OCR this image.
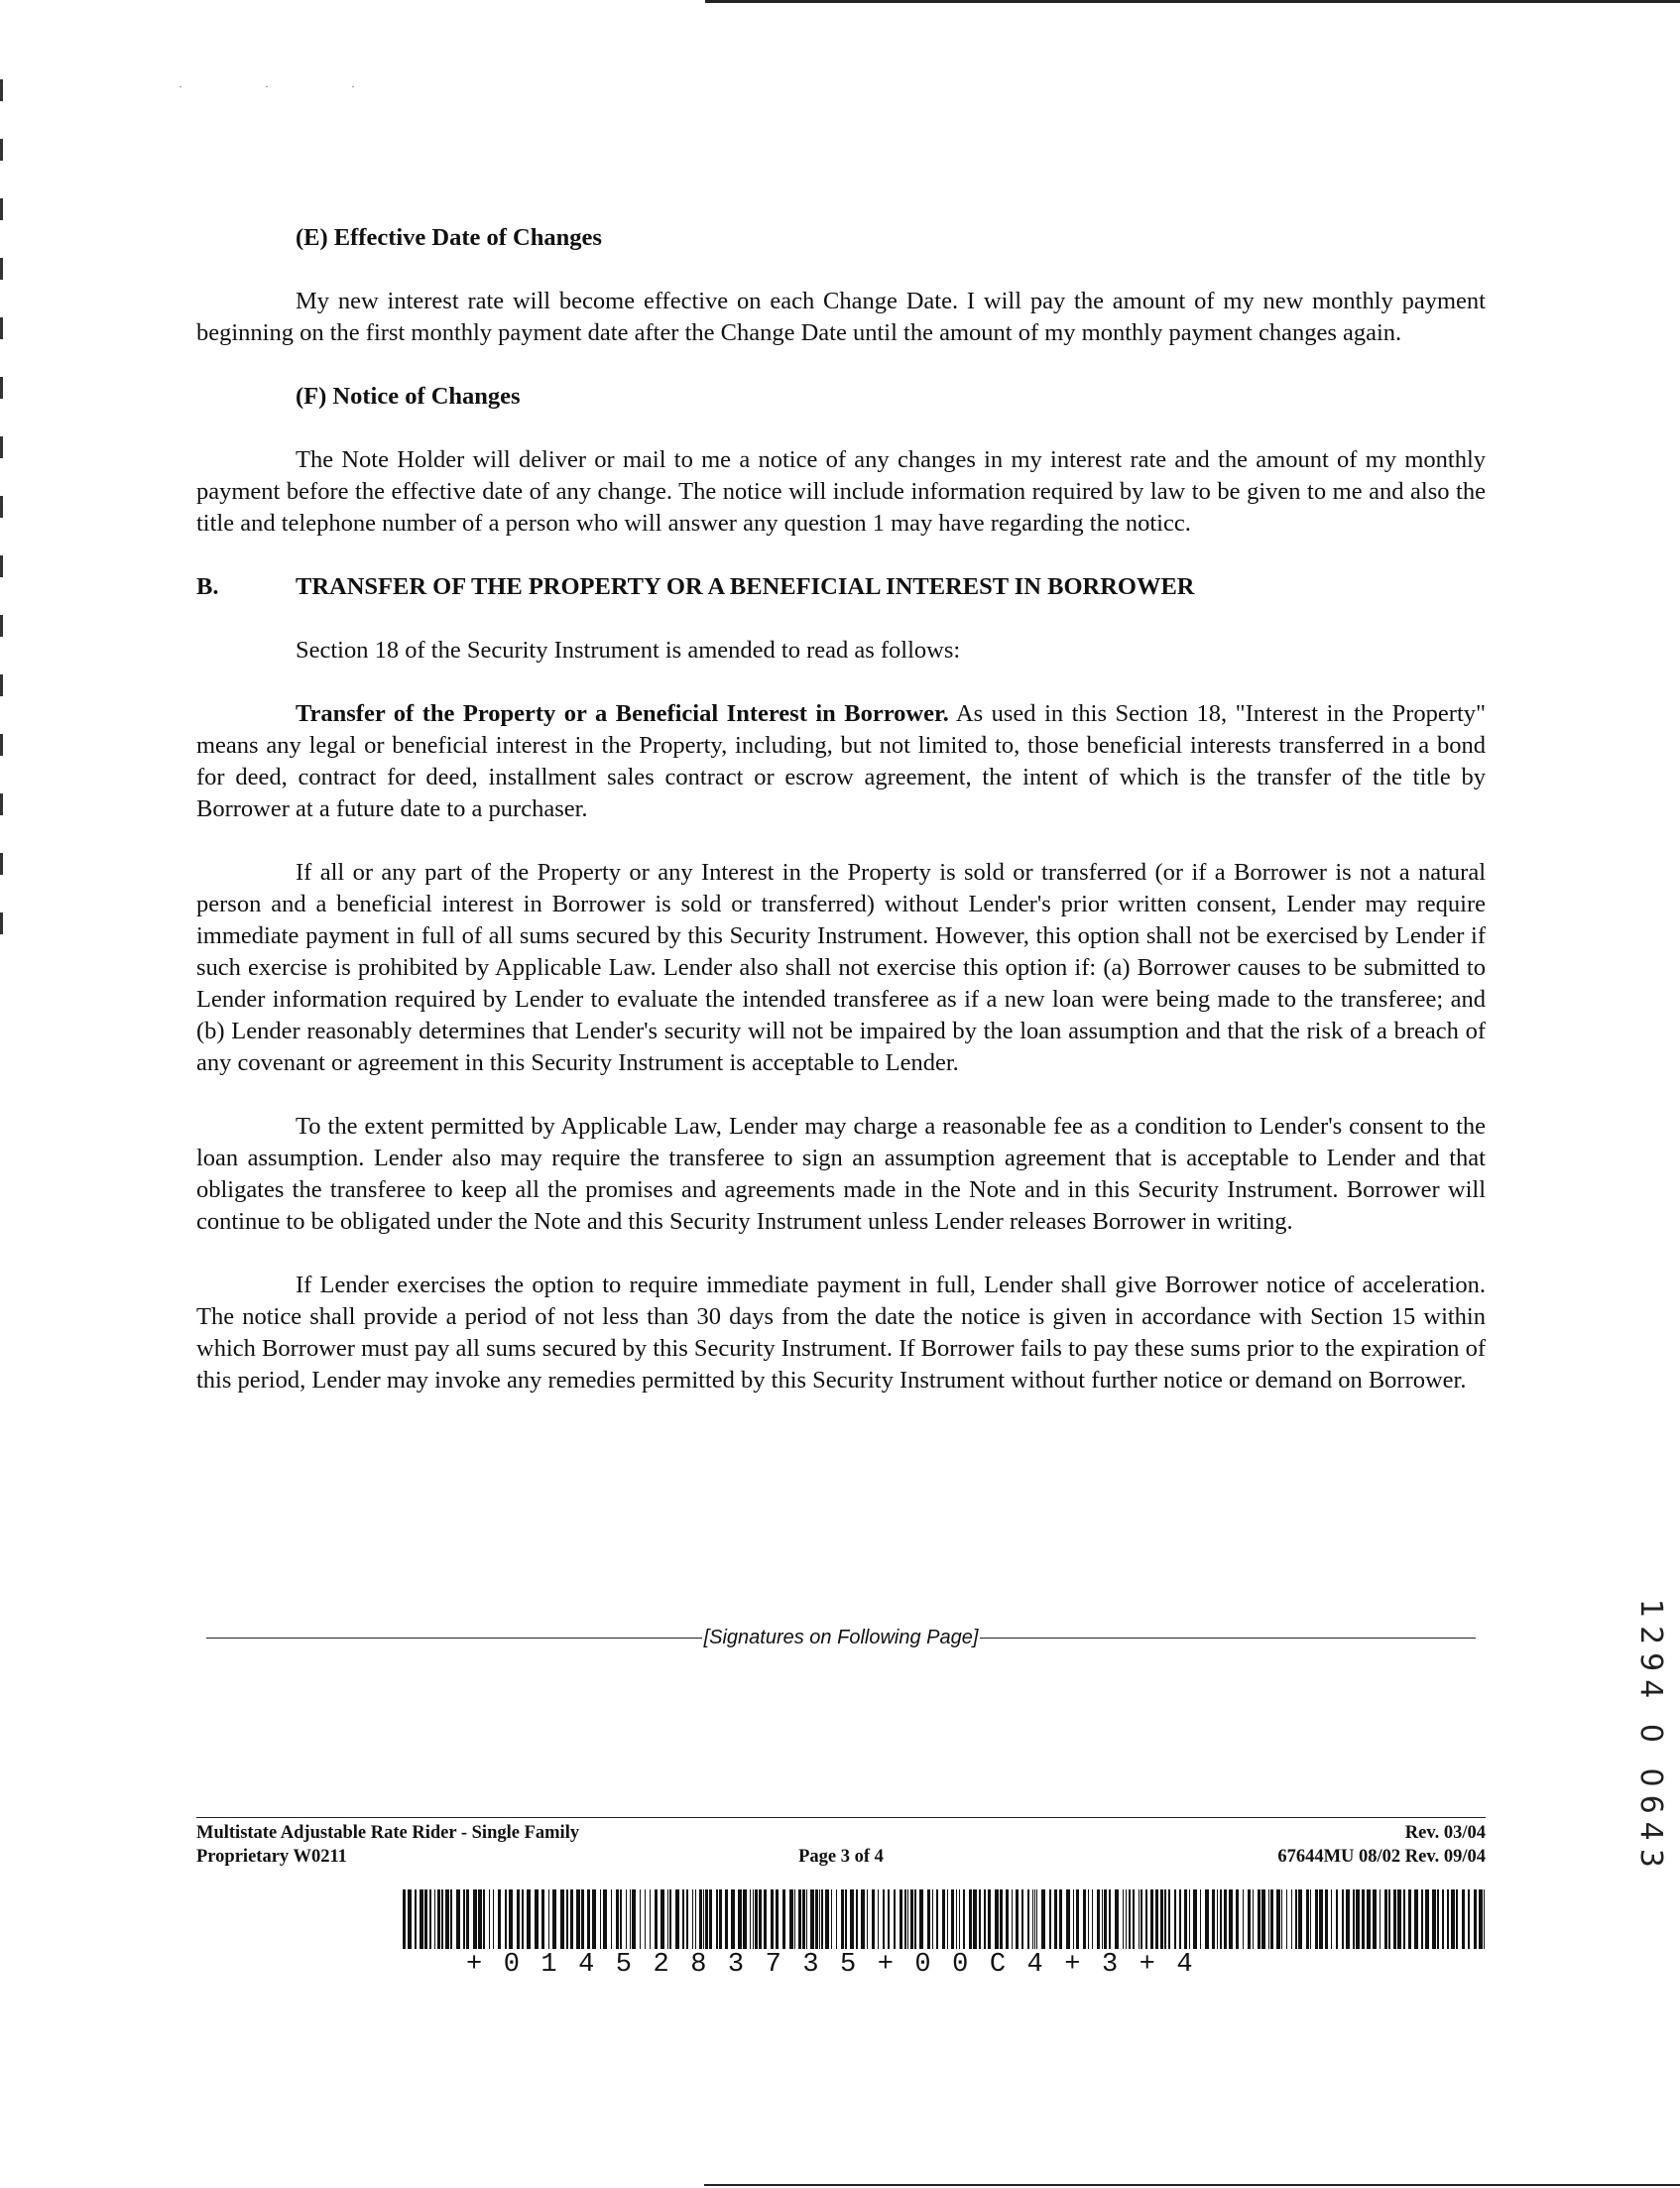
· · ·

(E) Effective Date of Changes

My new interest rate will become effective on each Change Date. I will pay the amount of my new monthly payment beginning on the first monthly payment date after the Change Date until the amount of my monthly payment changes again.

(F) Notice of Changes

The Note Holder will deliver or mail to me a notice of any changes in my interest rate and the amount of my monthly payment before the effective date of any change. The notice will include information required by law to be given to me and also the title and telephone number of a person who will answer any question 1 may have regarding the noticc.

B.	TRANSFER OF THE PROPERTY OR A BENEFICIAL INTEREST IN BORROWER

Section 18 of the Security Instrument is amended to read as follows:

Transfer of the Property or a Beneficial Interest in Borrower. As used in this Section 18, "Interest in the Property" means any legal or beneficial interest in the Property, including, but not limited to, those beneficial interests transferred in a bond for deed, contract for deed, installment sales contract or escrow agreement, the intent of which is the transfer of the title by Borrower at a future date to a purchaser.

If all or any part of the Property or any Interest in the Property is sold or transferred (or if a Borrower is not a natural person and a beneficial interest in Borrower is sold or transferred) without Lender's prior written consent, Lender may require immediate payment in full of all sums secured by this Security Instrument. However, this option shall not be exercised by Lender if such exercise is prohibited by Applicable Law. Lender also shall not exercise this option if: (a) Borrower causes to be submitted to Lender information required by Lender to evaluate the intended transferee as if a new loan were being made to the transferee; and (b) Lender reasonably determines that Lender's security will not be impaired by the loan assumption and that the risk of a breach of any covenant or agreement in this Security Instrument is acceptable to Lender.

To the extent permitted by Applicable Law, Lender may charge a reasonable fee as a condition to Lender's consent to the loan assumption. Lender also may require the transferee to sign an assumption agreement that is acceptable to Lender and that obligates the transferee to keep all the promises and agreements made in the Note and in this Security Instrument. Borrower will continue to be obligated under the Note and this Security Instrument unless Lender releases Borrower in writing.

If Lender exercises the option to require immediate payment in full, Lender shall give Borrower notice of acceleration. The notice shall provide a period of not less than 30 days from the date the notice is given in accordance with Section 15 within which Borrower must pay all sums secured by this Security Instrument. If Borrower fails to pay these sums prior to the expiration of this period, Lender may invoke any remedies permitted by this Security Instrument without further notice or demand on Borrower.

[Signatures on Following Page]
Multistate Adjustable Rate Rider - Single Family	Rev. 03/04
Proprietary W0211	Page 3 of 4	67644MU 08/02 Rev. 09/04
+0145283735+00C4+3+4
1294 0 0643
